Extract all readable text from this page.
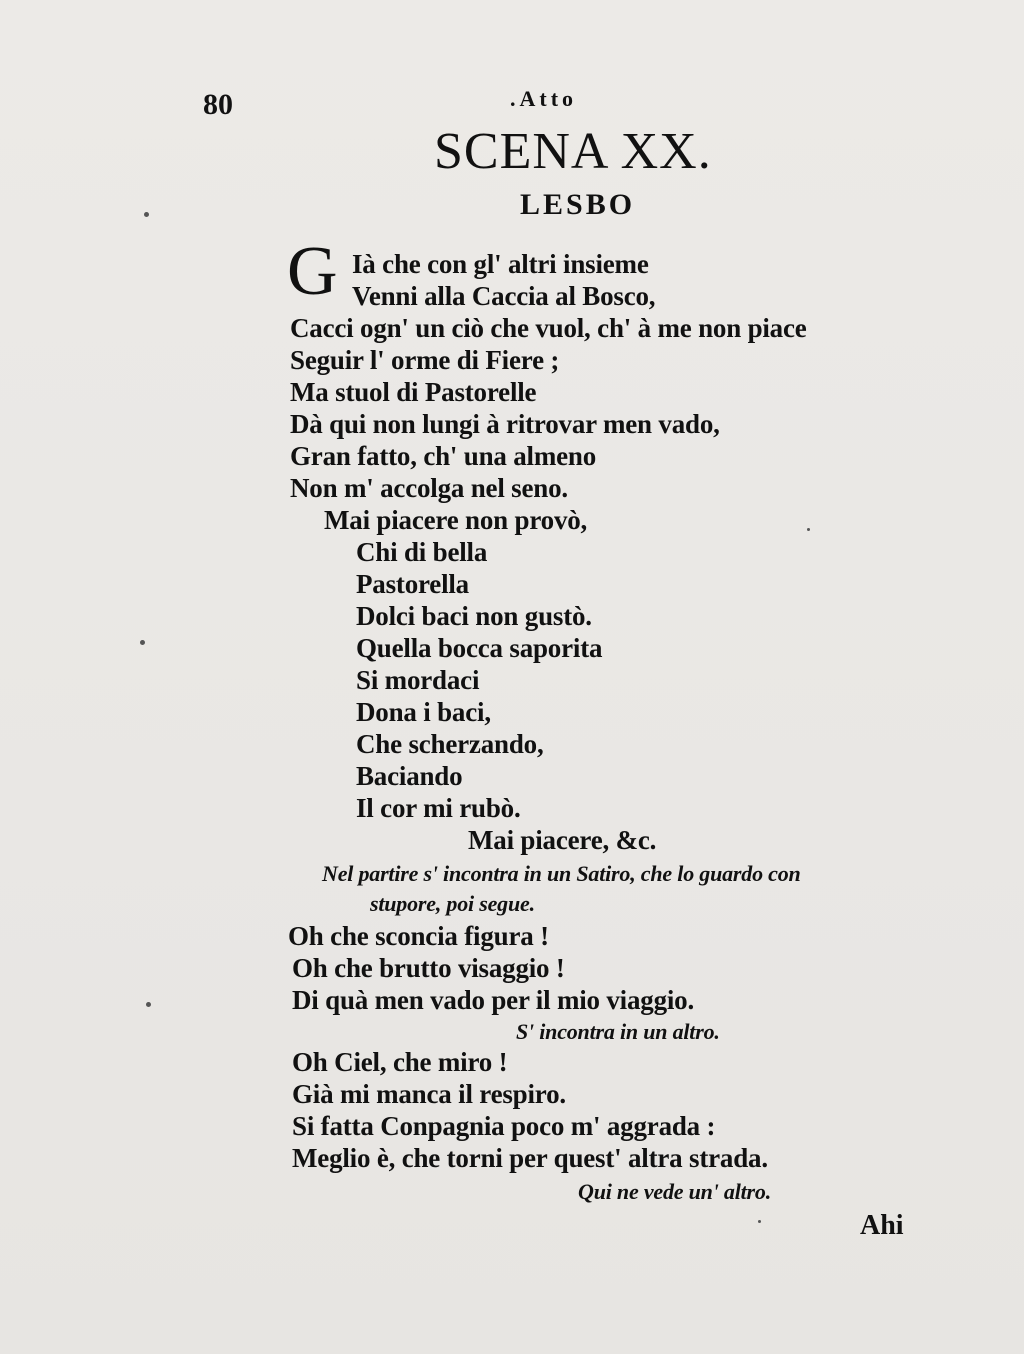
80	.Atto
SCENA XX.
LESBO
G Ià che con gl' altri insieme
Venni alla Caccia al Bosco,
Cacci ogn' un ciò che vuol, ch' à me non piace
Seguir l' orme di Fiere ;
Ma stuol di Pastorelle
Dà qui non lungi à ritrovar men vado,
Gran fatto, ch' una almeno
Non m' accolga nel seno.
Mai piacere non provò,
Chi di bella
Pastorella
Dolci baci non gustò.
Quella bocca saporita
Si mordaci
Dona i baci,
Che scherzando,
Baciando
Il cor mi rubò.
Mai piacere, &c.
Nel partire s' incontra in un Satiro, che lo guardo con
stupore, poi segue.
Oh che sconcia figura !
Oh che brutto visaggio !
Di quà men vado per il mio viaggio.
S' incontra in un altro.
Oh Ciel, che miro !
Già mi manca il respiro.
Si fatta Conpagnia poco m' aggrada :
Meglio è, che torni per quest' altra strada.
Qui ne vede un' altro.
Ahi
